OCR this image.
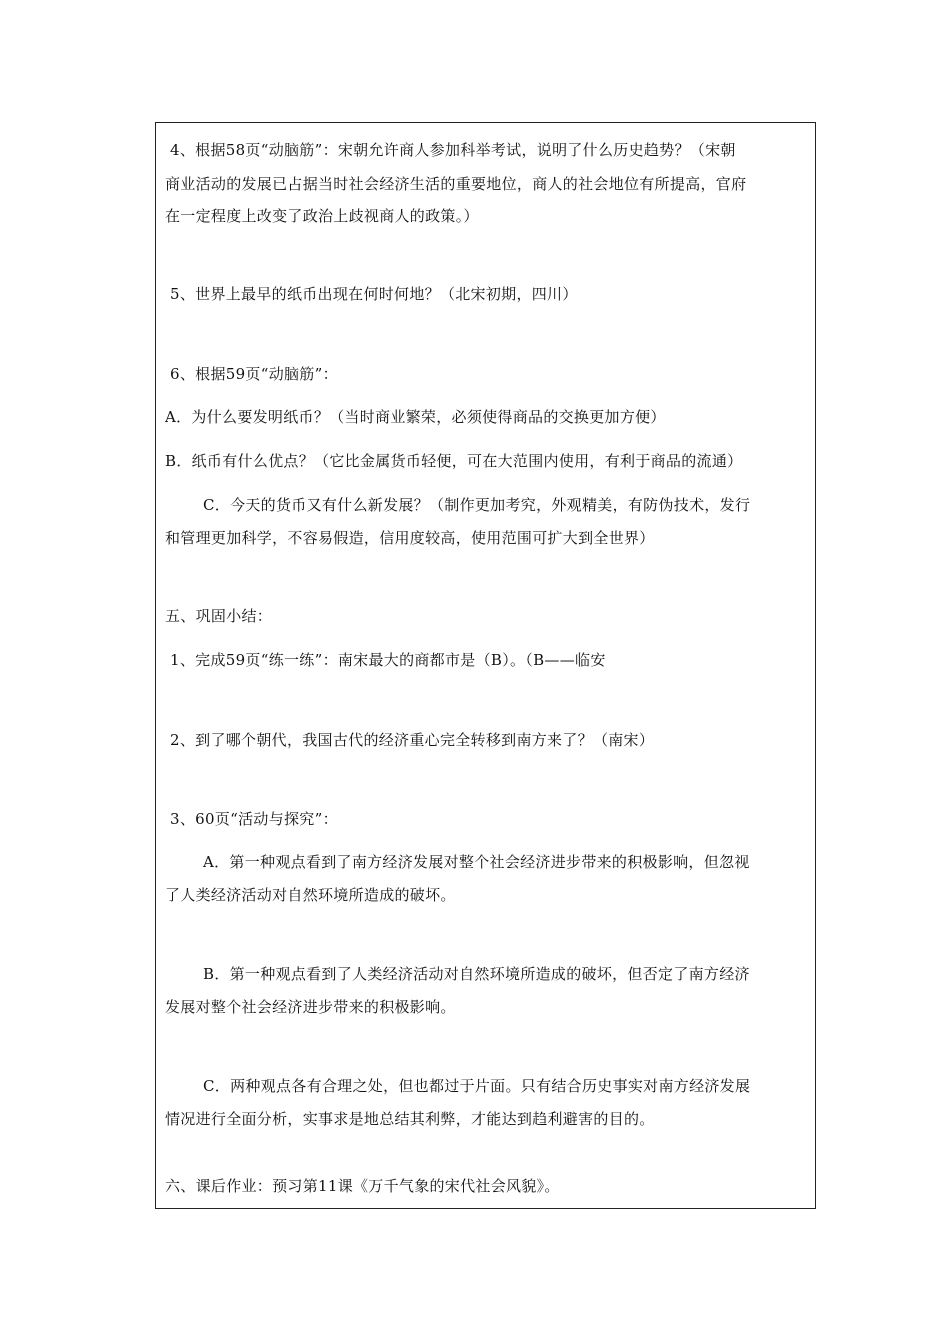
4、根据58页“动脑筋”：宋朝允许商人参加科举考试，说明了什么历史趋势？（宋朝
商业活动的发展已占据当时社会经济生活的重要地位，商人的社会地位有所提高，官府
在一定程度上改变了政治上歧视商人的政策。）
5、世界上最早的纸币出现在何时何地？（北宋初期，四川）
6、根据59页“动脑筋”：
A．为什么要发明纸币？（当时商业繁荣，必须使得商品的交换更加方便）
B．纸币有什么优点？（它比金属货币轻便，可在大范围内使用，有利于商品的流通）
C．今天的货币又有什么新发展？（制作更加考究，外观精美，有防伪技术，发行
和管理更加科学，不容易假造，信用度较高，使用范围可扩大到全世界）
五、巩固小结：
1、完成59页“练一练”：南宋最大的商都市是（B）。（B——临安
2、到了哪个朝代，我国古代的经济重心完全转移到南方来了？（南宋）
3、60页“活动与探究”：
A．第一种观点看到了南方经济发展对整个社会经济进步带来的积极影响，但忽视
了人类经济活动对自然环境所造成的破坏。
B．第一种观点看到了人类经济活动对自然环境所造成的破坏，但否定了南方经济
发展对整个社会经济进步带来的积极影响。
C．两种观点各有合理之处，但也都过于片面。只有结合历史事实对南方经济发展
情况进行全面分析，实事求是地总结其利弊，才能达到趋利避害的目的。
六、课后作业：预习第11课《万千气象的宋代社会风貌》。
